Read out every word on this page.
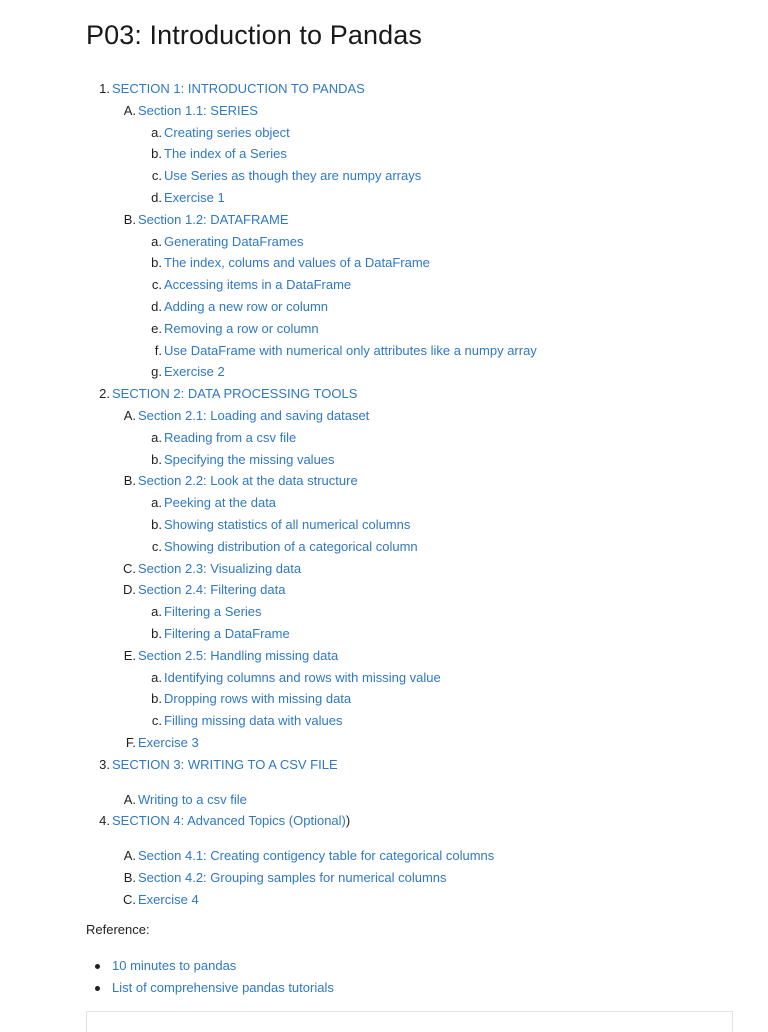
P03: Introduction to Pandas
1. SECTION 1: INTRODUCTION TO PANDAS
A. Section 1.1: SERIES
a. Creating series object
b. The index of a Series
c. Use Series as though they are numpy arrays
d. Exercise 1
B. Section 1.2: DATAFRAME
a. Generating DataFrames
b. The index, colums and values of a DataFrame
c. Accessing items in a DataFrame
d. Adding a new row or column
e. Removing a row or column
f. Use DataFrame with numerical only attributes like a numpy array
g. Exercise 2
2. SECTION 2: DATA PROCESSING TOOLS
A. Section 2.1: Loading and saving dataset
a. Reading from a csv file
b. Specifying the missing values
B. Section 2.2: Look at the data structure
a. Peeking at the data
b. Showing statistics of all numerical columns
c. Showing distribution of a categorical column
C. Section 2.3: Visualizing data
D. Section 2.4: Filtering data
a. Filtering a Series
b. Filtering a DataFrame
E. Section 2.5: Handling missing data
a. Identifying columns and rows with missing value
b. Dropping rows with missing data
c. Filling missing data with values
F. Exercise 3
3. SECTION 3: WRITING TO A CSV FILE
A. Writing to a csv file
4. SECTION 4: Advanced Topics (Optional))
A. Section 4.1: Creating contigency table for categorical columns
B. Section 4.2: Grouping samples for numerical columns
C. Exercise 4
Reference:
10 minutes to pandas
List of comprehensive pandas tutorials
